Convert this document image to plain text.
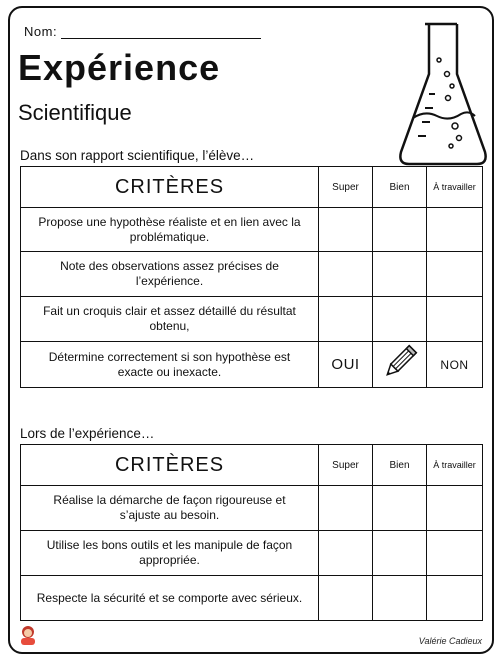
Nom:
Expérience
Scientifique
Dans son rapport scientifique, l’élève…
CRITÈRES	Super	Bien	À travailler
Propose une hypothèse réaliste et en lien avec la problématique.			
Note des observations assez précises de l’expérience.			
Fait un croquis clair et assez détaillé du résultat obtenu,			
Détermine correctement si son hypothèse est exacte ou inexacte.	OUI		NON
Lors de l’expérience…
CRITÈRES	Super	Bien	À travailler
Réalise la démarche de façon rigoureuse et s’ajuste au besoin.			
Utilise les bons outils et les manipule de façon appropriée.			
Respecte la sécurité et se comporte avec sérieux.			
Valérie Cadieux
